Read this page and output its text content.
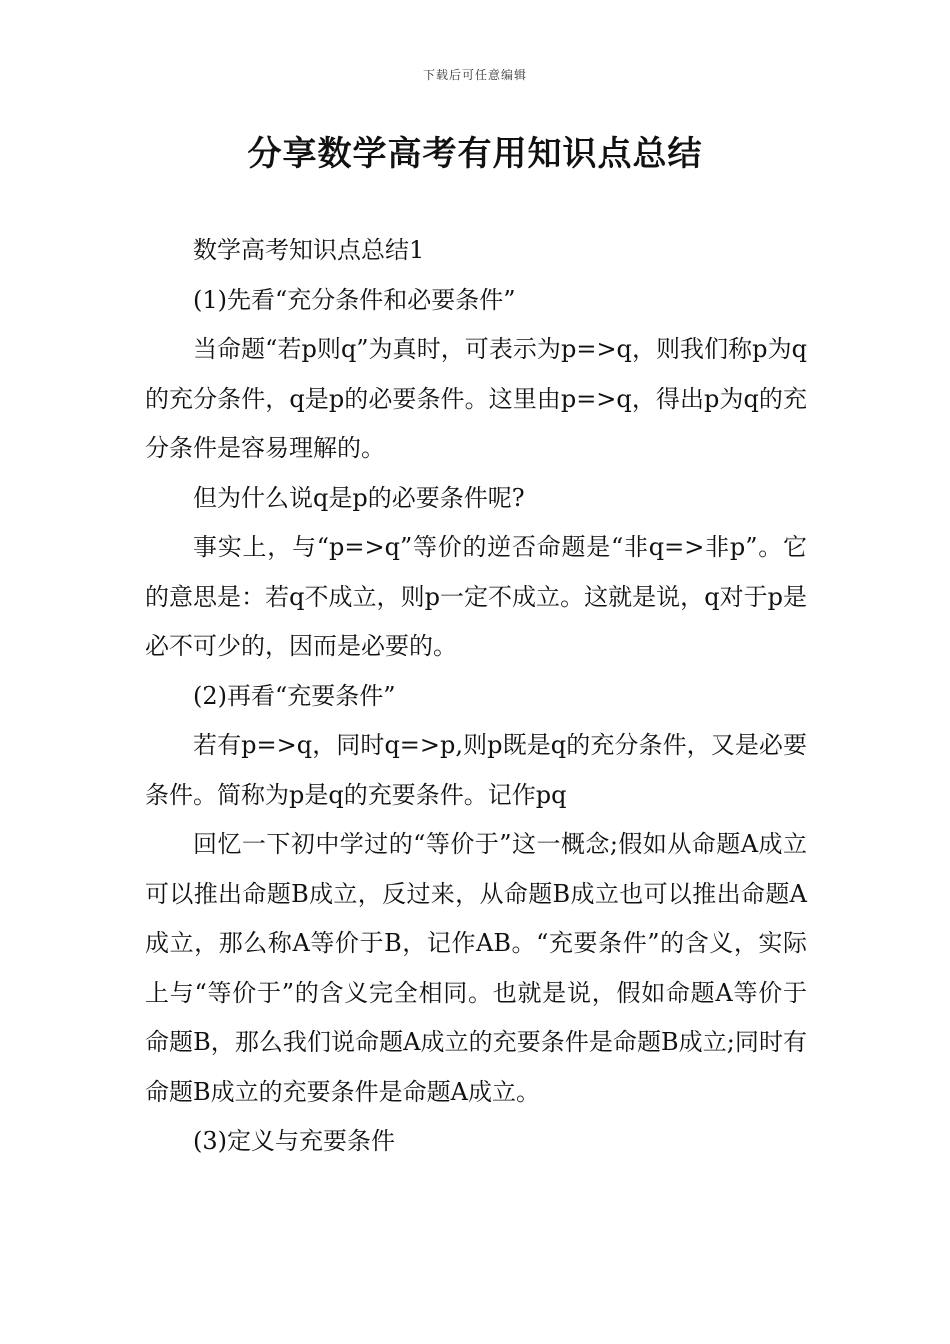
下载后可任意编辑
分享数学高考有用知识点总结

数学高考知识点总结1

(1)先看“充分条件和必要条件”

当命题“若p则q”为真时，可表示为p=>q，则我们称p为q的充分条件，q是p的必要条件。这里由p=>q，得出p为q的充分条件是容易理解的。

但为什么说q是p的必要条件呢?

事实上，与“p=>q”等价的逆否命题是“非q=>非p”。它的意思是：若q不成立，则p一定不成立。这就是说，q对于p是必不可少的，因而是必要的。

(2)再看“充要条件”

若有p=>q，同时q=>p,则p既是q的充分条件，又是必要条件。简称为p是q的充要条件。记作pq

回忆一下初中学过的“等价于”这一概念;假如从命题A成立可以推出命题B成立，反过来，从命题B成立也可以推出命题A成立，那么称A等价于B，记作AB。“充要条件”的含义，实际上与“等价于”的含义完全相同。也就是说，假如命题A等价于命题B，那么我们说命题A成立的充要条件是命题B成立;同时有命题B成立的充要条件是命题A成立。

(3)定义与充要条件
